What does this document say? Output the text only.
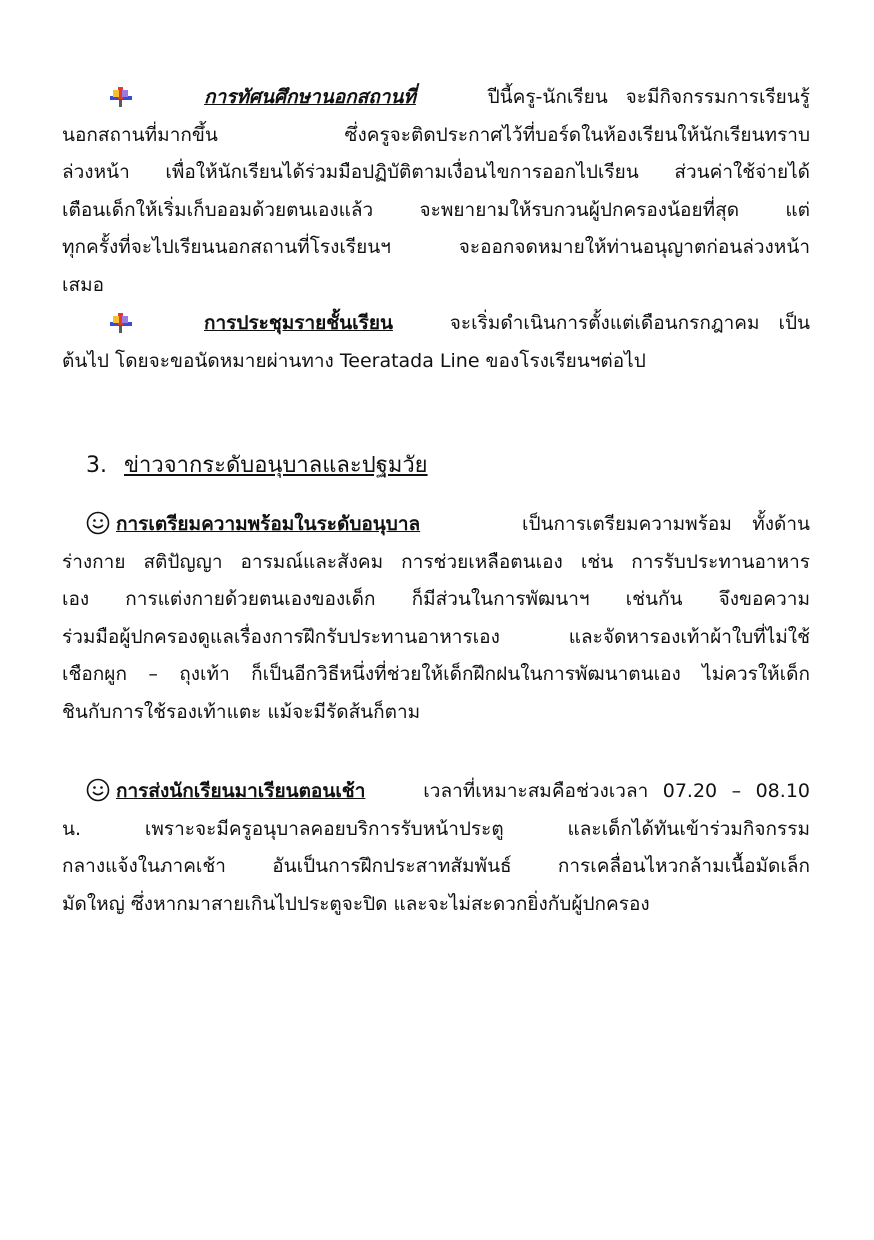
การทัศนศึกษานอกสถานที่	ปีนี้ครู-นักเรียน จะมีกิจกรรมการเรียนรู้
นอกสถานที่มากขึ้น ซึ่งครูจะติดประกาศไว้ที่บอร์ดในห้องเรียนให้นักเรียนทราบ
ล่วงหน้า เพื่อให้นักเรียนได้ร่วมมือปฏิบัติตามเงื่อนไขการออกไปเรียน ส่วนค่าใช้จ่ายได้
เตือนเด็กให้เริ่มเก็บออมด้วยตนเองแล้ว จะพยายามให้รบกวนผู้ปกครองน้อยที่สุด แต่
ทุกครั้งที่จะไปเรียนนอกสถานที่โรงเรียนฯ จะออกจดหมายให้ท่านอนุญาตก่อนล่วงหน้า
เสมอ
การประชุมรายชั้นเรียน	จะเริ่มดำเนินการตั้งแต่เดือนกรกฎาคม เป็น
ต้นไป โดยจะขอนัดหมายผ่านทาง Teeratada Line ของโรงเรียนฯต่อไป
3. ข่าวจากระดับอนุบาลและปฐมวัย
การเตรียมความพร้อมในระดับอนุบาล	เป็นการเตรียมความพร้อม ทั้งด้าน
ร่างกาย สติปัญญา อารมณ์และสังคม การช่วยเหลือตนเอง เช่น การรับประทานอาหาร
เอง การแต่งกายด้วยตนเองของเด็ก ก็มีส่วนในการพัฒนาฯ เช่นกัน จึงขอความ
ร่วมมือผู้ปกครองดูแลเรื่องการฝึกรับประทานอาหารเอง และจัดหารองเท้าผ้าใบที่ไม่ใช้
เชือกผูก – ถุงเท้า ก็เป็นอีกวิธีหนึ่งที่ช่วยให้เด็กฝึกฝนในการพัฒนาตนเอง ไม่ควรให้เด็ก
ชินกับการใช้รองเท้าแตะ แม้จะมีรัดส้นก็ตาม
การส่งนักเรียนมาเรียนตอนเช้า	เวลาที่เหมาะสมคือช่วงเวลา 07.20 – 08.10
น. เพราะจะมีครูอนุบาลคอยบริการรับหน้าประตู และเด็กได้ทันเข้าร่วมกิจกรรม
กลางแจ้งในภาคเช้า อันเป็นการฝึกประสาทสัมพันธ์ การเคลื่อนไหวกล้ามเนื้อมัดเล็ก
มัดใหญ่ ซึ่งหากมาสายเกินไปประตูจะปิด และจะไม่สะดวกยิ่งกับผู้ปกครอง
